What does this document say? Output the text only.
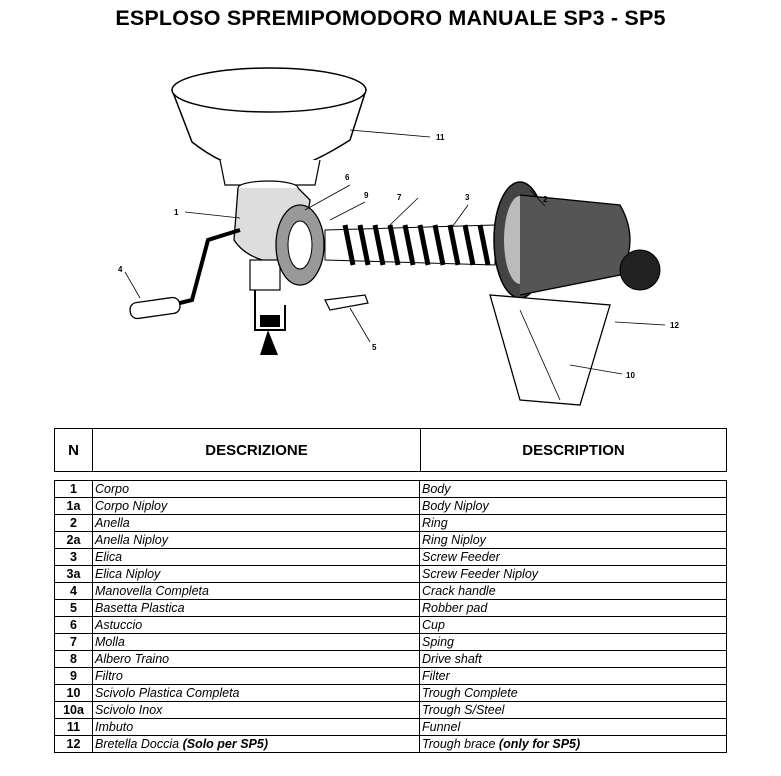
ESPLOSO SPREMIPOMODORO MANUALE SP3 - SP5
11
1
6
9	7	3	2
4
5
12
10
N	DESCRIZIONE	DESCRIPTION
1	Corpo	Body
1a	Corpo Niploy	Body Niploy
2	Anella	Ring
2a	Anella Niploy	Ring Niploy
3	Elica	Screw Feeder
3a	Elica Niploy	Screw Feeder Niploy
4	Manovella Completa	Crack handle
5	Basetta Plastica	Robber pad
6	Astuccio	Cup
7	Molla	Sping
8	Albero Traino	Drive shaft
9	Filtro	Filter
10	Scivolo Plastica Completa	Trough Complete
10a	Scivolo Inox	Trough S/Steel
11	Imbuto	Funnel
12	Bretella Doccia (Solo per SP5)	Trough brace (only for SP5)
